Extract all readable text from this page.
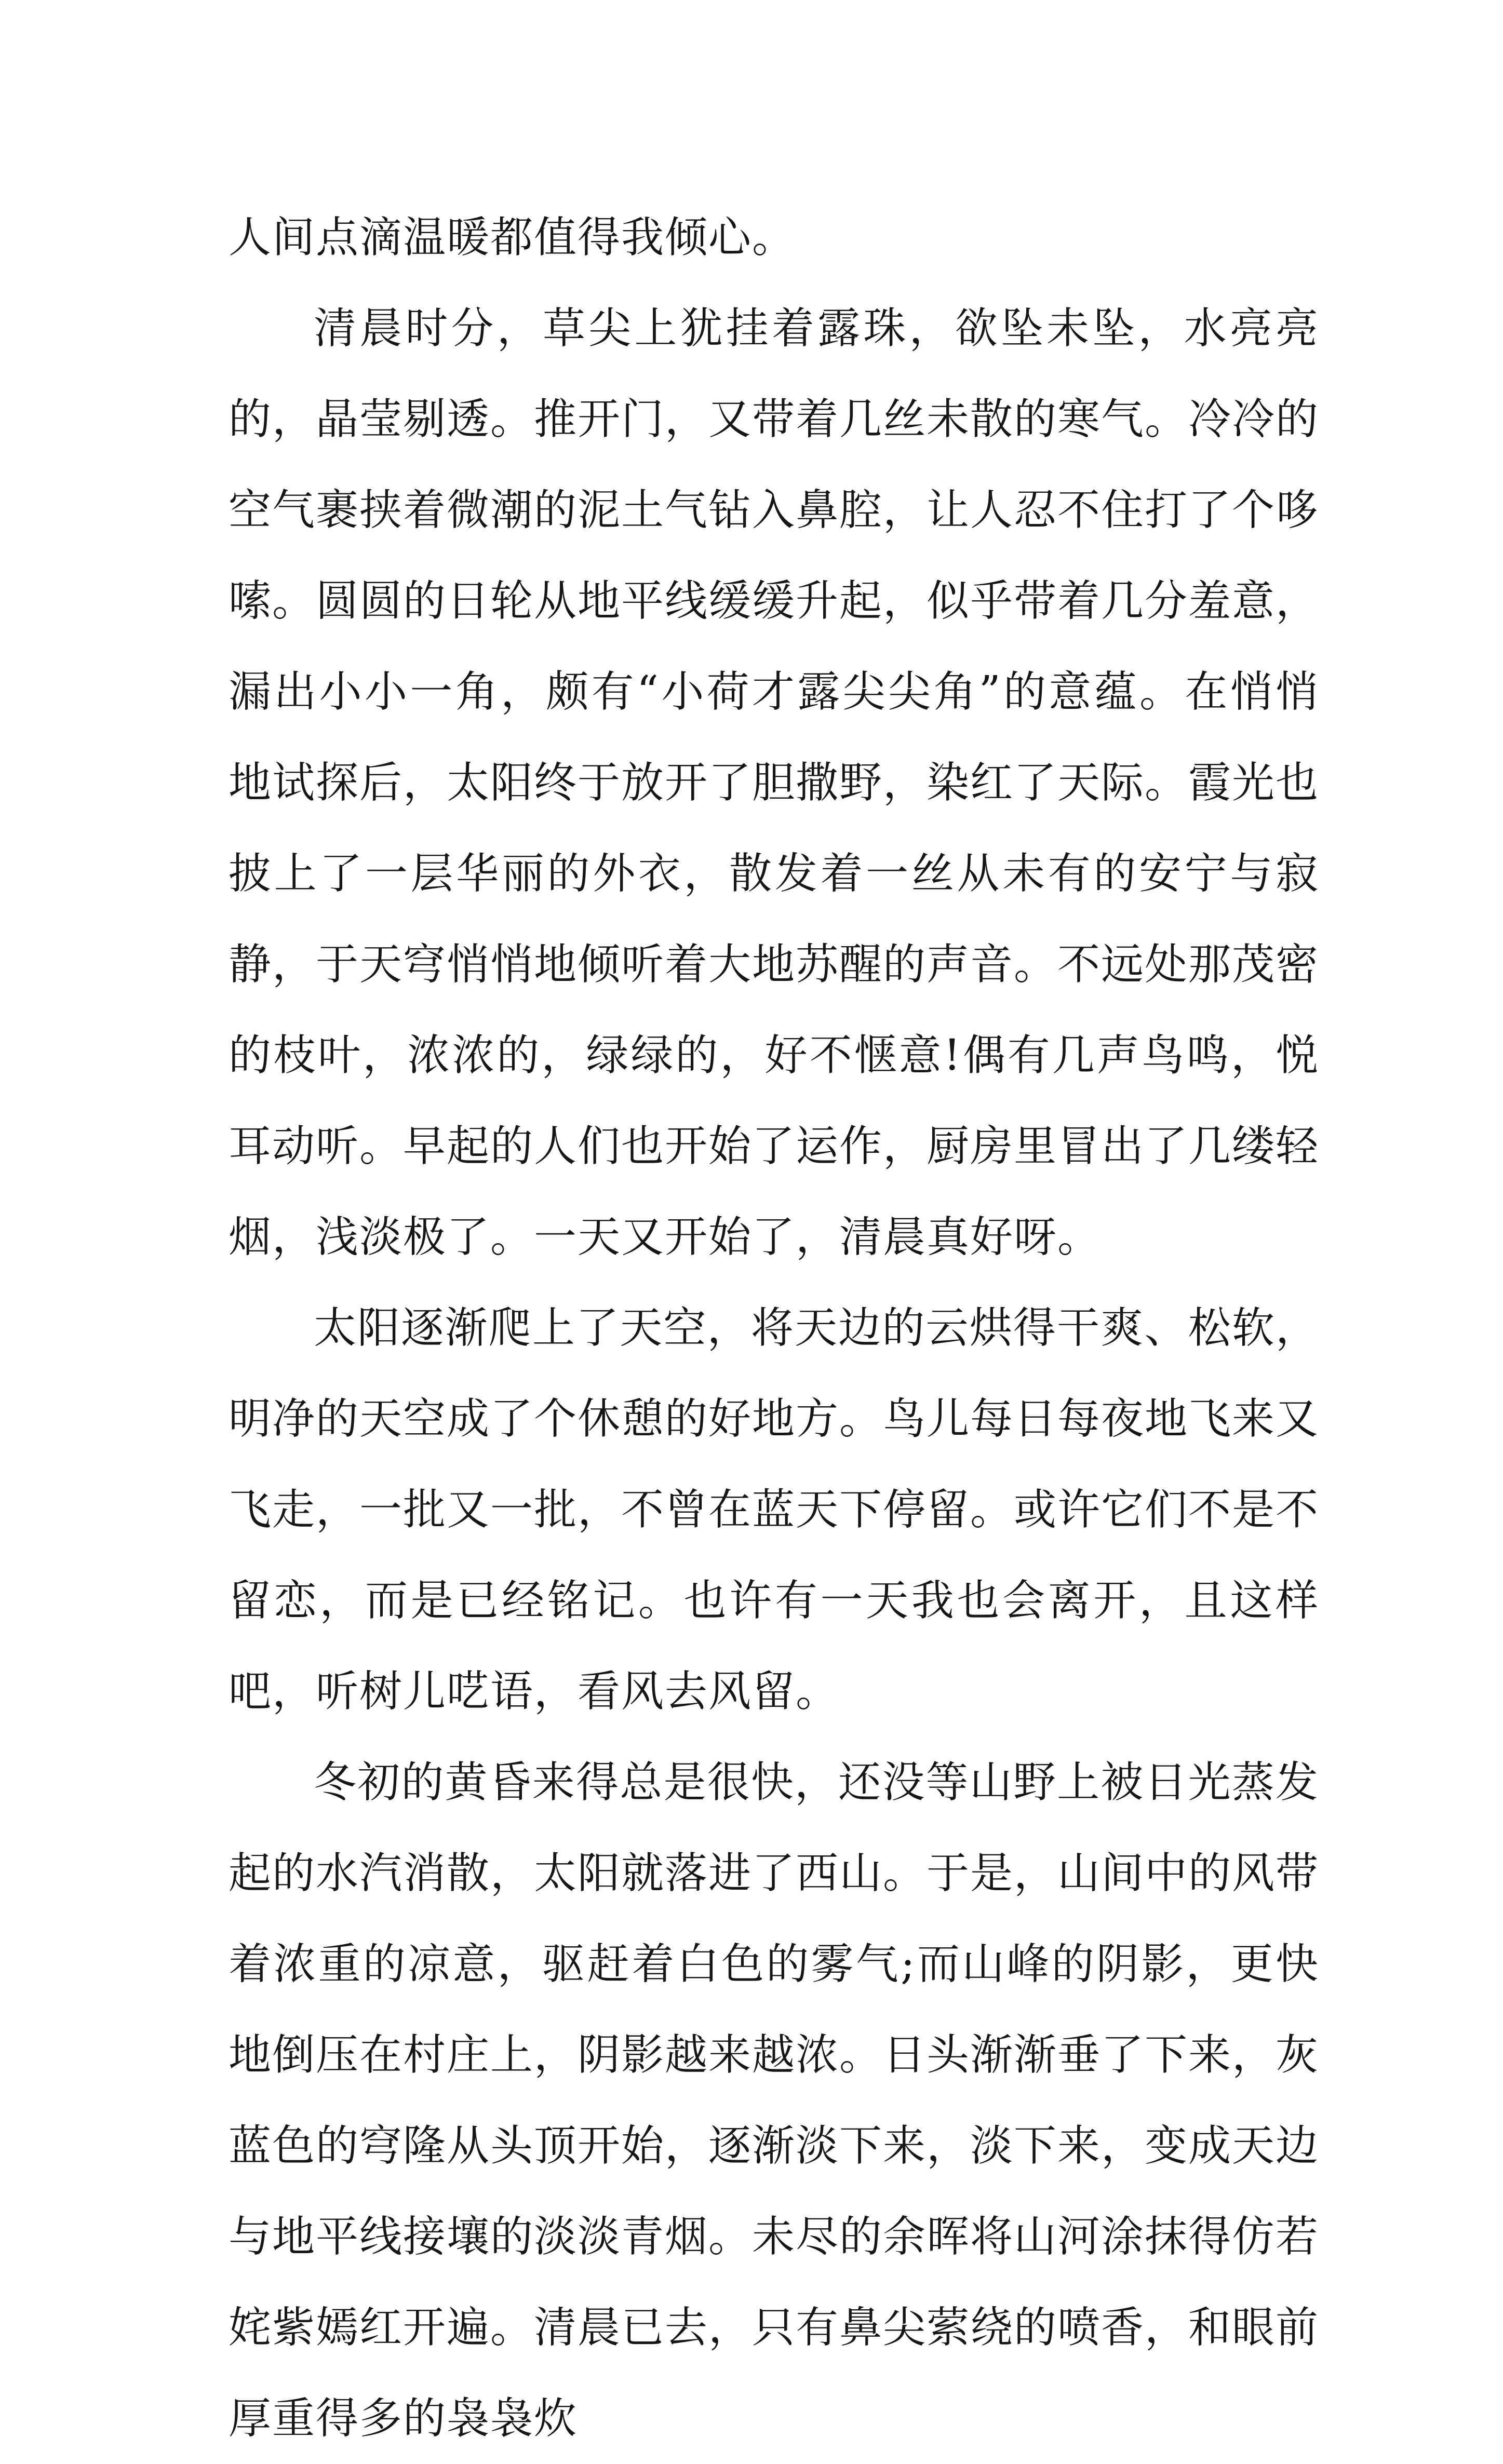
人间点滴温暖都值得我倾心。

清晨时分，草尖上犹挂着露珠，欲坠未坠，水亮亮的，晶莹剔透。推开门，又带着几丝未散的寒气。冷冷的空气裹挟着微潮的泥土气钻入鼻腔，让人忍不住打了个哆嗦。圆圆的日轮从地平线缓缓升起，似乎带着几分羞意，漏出小小一角，颇有“小荷才露尖尖角”的意蕴。在悄悄地试探后，太阳终于放开了胆撒野，染红了天际。霞光也披上了一层华丽的外衣，散发着一丝从未有的安宁与寂静，于天穹悄悄地倾听着大地苏醒的声音。不远处那茂密的枝叶，浓浓的，绿绿的，好不惬意!偶有几声鸟鸣，悦耳动听。早起的人们也开始了运作，厨房里冒出了几缕轻烟，浅淡极了。一天又开始了，清晨真好呀。

太阳逐渐爬上了天空，将天边的云烘得干爽、松软，明净的天空成了个休憩的好地方。鸟儿每日每夜地飞来又飞走，一批又一批，不曾在蓝天下停留。或许它们不是不留恋，而是已经铭记。也许有一天我也会离开，且这样吧，听树儿呓语，看风去风留。

冬初的黄昏来得总是很快，还没等山野上被日光蒸发起的水汽消散，太阳就落进了西山。于是，山间中的风带着浓重的凉意，驱赶着白色的雾气;而山峰的阴影，更快地倒压在村庄上，阴影越来越浓。日头渐渐垂了下来，灰蓝色的穹隆从头顶开始，逐渐淡下来，淡下来，变成天边与地平线接壤的淡淡青烟。未尽的余晖将山河涂抹得仿若姹紫嫣红开遍。清晨已去，只有鼻尖萦绕的喷香，和眼前厚重得多的袅袅炊
